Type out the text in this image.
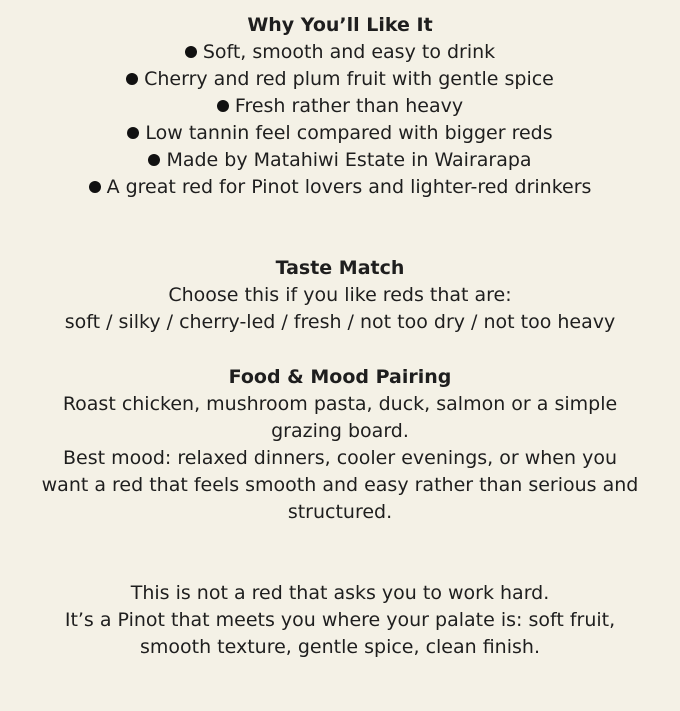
Why You’ll Like It
Soft, smooth and easy to drink
Cherry and red plum fruit with gentle spice
Fresh rather than heavy
Low tannin feel compared with bigger reds
Made by Matahiwi Estate in Wairarapa
A great red for Pinot lovers and lighter-red drinkers
Taste Match

Choose this if you like reds that are:

soft / silky / cherry-led / fresh / not too dry / not too heavy

Food & Mood Pairing

Roast chicken, mushroom pasta, duck, salmon or a simple grazing board.

Best mood: relaxed dinners, cooler evenings, or when you want a red that feels smooth and easy rather than serious and structured.

This is not a red that asks you to work hard.

It’s a Pinot that meets you where your palate is: soft fruit, smooth texture, gentle spice, clean finish.
